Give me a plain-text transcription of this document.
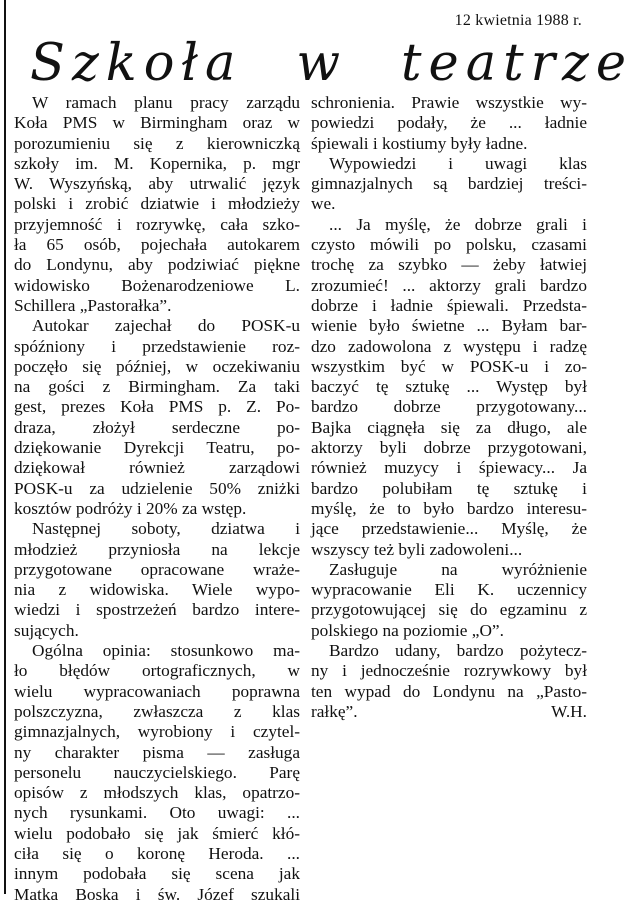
12 kwietnia 1988 r.
Szkoła w teatrze
W ramach planu pracy zarządu
Koła PMS w Birmingham oraz w
porozumieniu się z kierowniczką
szkoły im. M. Kopernika, p. mgr
W. Wyszyńską, aby utrwalić język
polski i zrobić dziatwie i młodzieży
przyjemność i rozrywkę, cała szko-
ła 65 osób, pojechała autokarem
do Londynu, aby podziwiać piękne
widowisko Bożenarodzeniowe L.
Schillera „Pastorałka”.
Autokar zajechał do POSK-u
spóźniony i przedstawienie roz-
poczęło się później, w oczekiwaniu
na gości z Birmingham. Za taki
gest, prezes Koła PMS p. Z. Po-
draza, złożył serdeczne po-
dziękowanie Dyrekcji Teatru, po-
dziękował również zarządowi
POSK-u za udzielenie 50% zniżki
kosztów podróży i 20% za wstęp.
Następnej soboty, dziatwa i
młodzież przyniosła na lekcje
przygotowane opracowane wraże-
nia z widowiska. Wiele wypo-
wiedzi i spostrzeżeń bardzo intere-
sujących.
Ogólna opinia: stosunkowo ma-
ło błędów ortograficznych, w
wielu wypracowaniach poprawna
polszczyzna, zwłaszcza z klas
gimnazjalnych, wyrobiony i czytel-
ny charakter pisma — zasługa
personelu nauczycielskiego. Parę
opisów z młodszych klas, opatrzo-
nych rysunkami. Oto uwagi: ...
wielu podobało się jak śmierć kłó-
ciła się o koronę Heroda. ...
innym podobała się scena jak
Matka Boska i św. Józef szukali
schronienia. Prawie wszystkie wy-
powiedzi podały, że ... ładnie
śpiewali i kostiumy były ładne.
Wypowiedzi i uwagi klas
gimnazjalnych są bardziej treści-
we.
... Ja myślę, że dobrze grali i
czysto mówili po polsku, czasami
trochę za szybko — żeby łatwiej
zrozumieć! ... aktorzy grali bardzo
dobrze i ładnie śpiewali. Przedsta-
wienie było świetne ... Byłam bar-
dzo zadowolona z występu i radzę
wszystkim być w POSK-u i zo-
baczyć tę sztukę ... Występ był
bardzo dobrze przygotowany...
Bajka ciągnęła się za długo, ale
aktorzy byli dobrze przygotowani,
również muzycy i śpiewacy... Ja
bardzo polubiłam tę sztukę i
myślę, że to było bardzo interesu-
jące przedstawienie... Myślę, że
wszyscy też byli zadowoleni...
Zasługuje na wyróżnienie
wypracowanie Eli K. uczennicy
przygotowującej się do egzaminu z
polskiego na poziomie „O”.
Bardzo udany, bardzo pożytecz-
ny i jednocześnie rozrywkowy był
ten wypad do Londynu na „Pasto-
rałkę”.	W.H.
